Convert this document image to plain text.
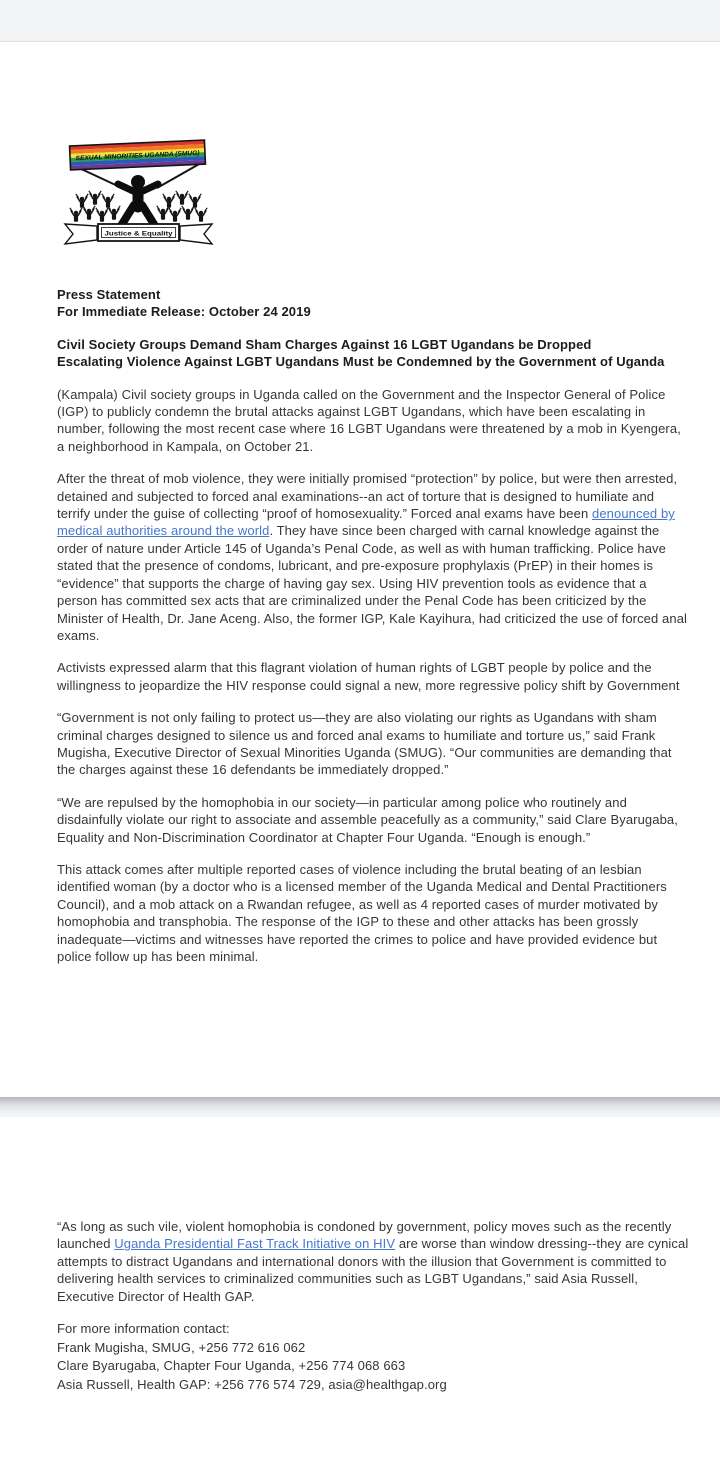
SEXUAL MINORITIES UGANDA (SMUG)
Justice & Equality

Press Statement
For Immediate Release: October 24 2019

Civil Society Groups Demand Sham Charges Against 16 LGBT Ugandans be Dropped
Escalating Violence Against LGBT Ugandans Must be Condemned by the Government of Uganda

(Kampala) Civil society groups in Uganda called on the Government and the Inspector General of Police (IGP) to publicly condemn the brutal attacks against LGBT Ugandans, which have been escalating in number, following the most recent case where 16 LGBT Ugandans were threatened by a mob in Kyengera, a neighborhood in Kampala, on October 21.

After the threat of mob violence, they were initially promised “protection” by police, but were then arrested, detained and subjected to forced anal examinations--an act of torture that is designed to humiliate and terrify under the guise of collecting “proof of homosexuality.” Forced anal exams have been denounced by medical authorities around the world. They have since been charged with carnal knowledge against the order of nature under Article 145 of Uganda’s Penal Code, as well as with human trafficking. Police have stated that the presence of condoms, lubricant, and pre-exposure prophylaxis (PrEP) in their homes is “evidence” that supports the charge of having gay sex. Using HIV prevention tools as evidence that a person has committed sex acts that are criminalized under the Penal Code has been criticized by the Minister of Health, Dr. Jane Aceng. Also, the former IGP, Kale Kayihura, had criticized the use of forced anal exams.

Activists expressed alarm that this flagrant violation of human rights of LGBT people by police and the willingness to jeopardize the HIV response could signal a new, more regressive policy shift by Government

“Government is not only failing to protect us—they are also violating our rights as Ugandans with sham criminal charges designed to silence us and forced anal exams to humiliate and torture us,” said Frank Mugisha, Executive Director of Sexual Minorities Uganda (SMUG). “Our communities are demanding that the charges against these 16 defendants be immediately dropped.”

“We are repulsed by the homophobia in our society—in particular among police who routinely and disdainfully violate our right to associate and assemble peacefully as a community,” said Clare Byarugaba, Equality and Non-Discrimination Coordinator at Chapter Four Uganda. “Enough is enough.”

This attack comes after multiple reported cases of violence including the brutal beating of an lesbian identified woman (by a doctor who is a licensed member of the Uganda Medical and Dental Practitioners Council), and a mob attack on a Rwandan refugee, as well as 4 reported cases of murder motivated by homophobia and transphobia. The response of the IGP to these and other attacks has been grossly inadequate—victims and witnesses have reported the crimes to police and have provided evidence but police follow up has been minimal.

“As long as such vile, violent homophobia is condoned by government, policy moves such as the recently launched Uganda Presidential Fast Track Initiative on HIV are worse than window dressing--they are cynical attempts to distract Ugandans and international donors with the illusion that Government is committed to delivering health services to criminalized communities such as LGBT Ugandans,” said Asia Russell, Executive Director of Health GAP.

For more information contact:
Frank Mugisha, SMUG, +256 772 616 062
Clare Byarugaba, Chapter Four Uganda, +256 774 068 663
Asia Russell, Health GAP: +256 776 574 729, asia@healthgap.org
